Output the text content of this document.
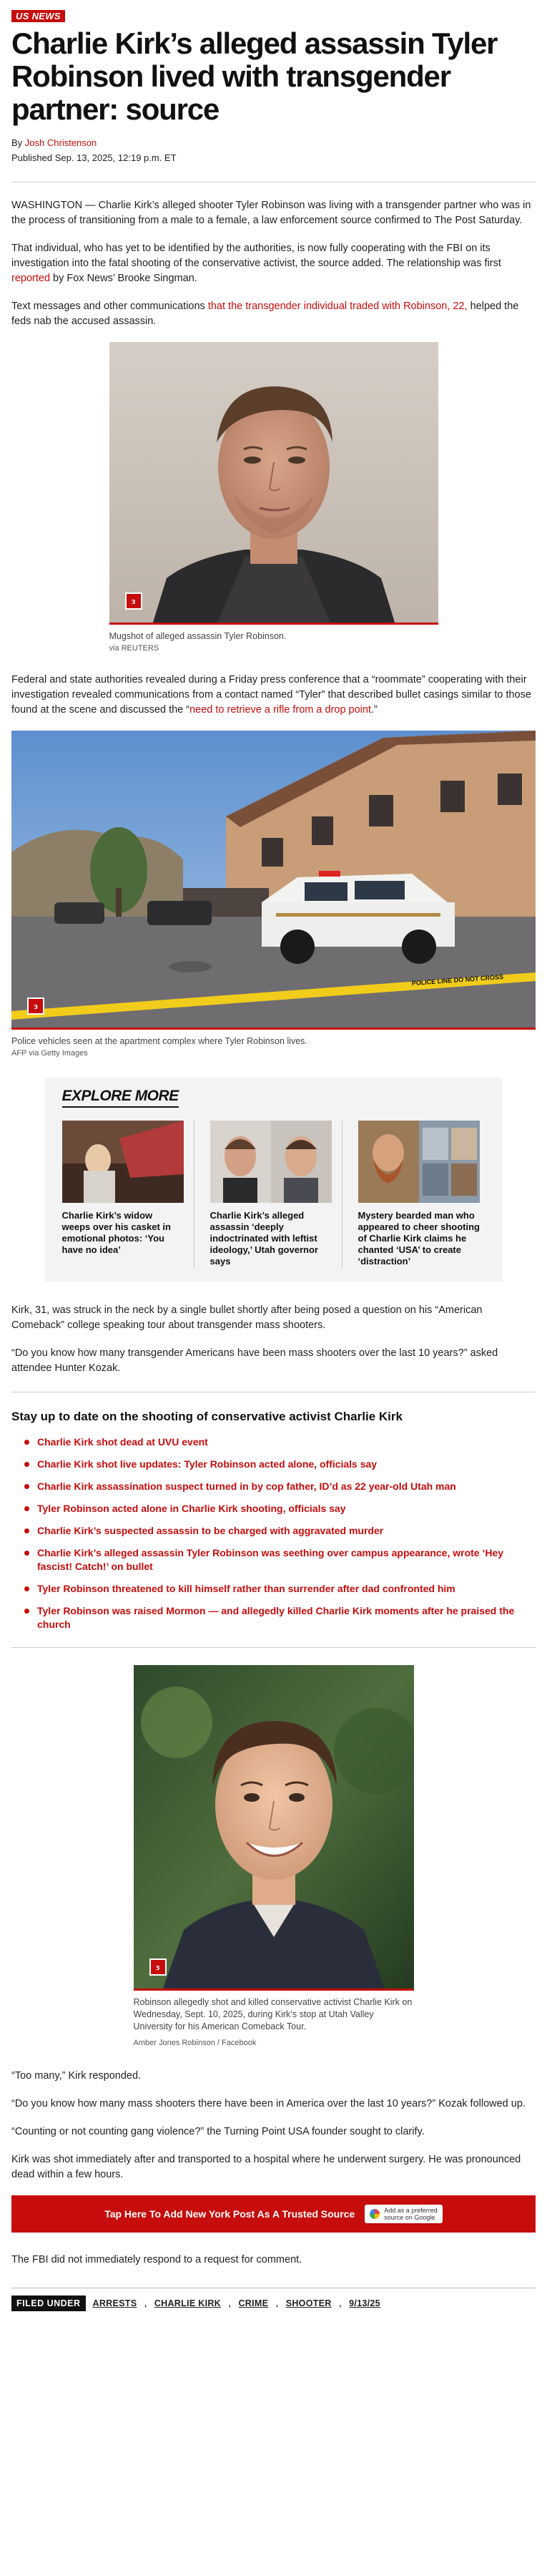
US NEWS
Charlie Kirk’s alleged assassin Tyler Robinson lived with transgender partner: source
By Josh Christenson
Published Sep. 13, 2025, 12:19 p.m. ET

WASHINGTON — Charlie Kirk’s alleged shooter Tyler Robinson was living with a transgender partner who was in the process of transitioning from a male to a female, a law enforcement source confirmed to The Post Saturday.

That individual, who has yet to be identified by the authorities, is now fully cooperating with the FBI on its investigation into the fatal shooting of the conservative activist, the source added. The relationship was first reported by Fox News’ Brooke Singman.

Text messages and other communications that the transgender individual traded with Robinson, 22, helped the feds nab the accused assassin.

ɜ
Mugshot of alleged assassin Tyler Robinson.
via REUTERS

Federal and state authorities revealed during a Friday press conference that a “roommate” cooperating with their investigation revealed communications from a contact named “Tyler” that described bullet casings similar to those found at the scene and discussed the “need to retrieve a rifle from a drop point.”

POLICE LINE DO NOT CROSS
ɜ
Police vehicles seen at the apartment complex where Tyler Robinson lives.
AFP via Getty Images
EXPLORE MORE
Charlie Kirk’s widow weeps over his casket in emotional photos: ‘You have no idea’
Charlie Kirk’s alleged assassin ‘deeply indoctrinated with leftist ideology,’ Utah governor says
Mystery bearded man who appeared to cheer shooting of Charlie Kirk claims he chanted ‘USA’ to create ‘distraction’

Kirk, 31, was struck in the neck by a single bullet shortly after being posed a question on his “American Comeback” college speaking tour about transgender mass shooters.

“Do you know how many transgender Americans have been mass shooters over the last 10 years?” asked attendee Hunter Kozak.

Stay up to date on the shooting of conservative activist Charlie Kirk
Charlie Kirk shot dead at UVU event
Charlie Kirk shot live updates: Tyler Robinson acted alone, officials say
Charlie Kirk assassination suspect turned in by cop father, ID’d as 22 year-old Utah man
Tyler Robinson acted alone in Charlie Kirk shooting, officials say
Charlie Kirk’s suspected assassin to be charged with aggravated murder
Charlie Kirk’s alleged assassin Tyler Robinson was seething over campus appearance, wrote ‘Hey fascist! Catch!’ on bullet
Tyler Robinson threatened to kill himself rather than surrender after dad confronted him
Tyler Robinson was raised Mormon — and allegedly killed Charlie Kirk moments after he praised the church
ɜ
Robinson allegedly shot and killed conservative activist Charlie Kirk on Wednesday, Sept. 10, 2025, during Kirk’s stop at Utah Valley University for his American Comeback Tour.
Amber Jones Robinson / Facebook

“Too many,” Kirk responded.

“Do you know how many mass shooters there have been in America over the last 10 years?” Kozak followed up.

“Counting or not counting gang violence?” the Turning Point USA founder sought to clarify.

Kirk was shot immediately after and transported to a hospital where he underwent surgery. He was pronounced dead within a few hours.

Tap Here To Add New York Post As A Trusted Source	Add as a preferred
source on Google

The FBI did not immediately respond to a request for comment.

FILED UNDER	ARRESTS , CHARLIE KIRK , CRIME , SHOOTER , 9/13/25
